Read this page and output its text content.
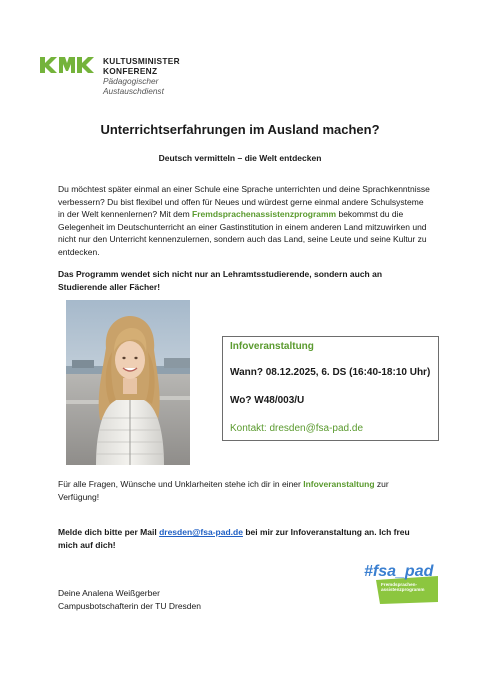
KULTUSMINISTER
KONFERENZ
Pädagogischer
Austauschdienst
Unterrichtserfahrungen im Ausland machen?
Deutsch vermitteln – die Welt entdecken
Du möchtest später einmal an einer Schule eine Sprache unterrichten und deine Sprachkenntnisse verbessern? Du bist flexibel und offen für Neues und würdest gerne einmal andere Schulsysteme in der Welt kennenlernen? Mit dem Fremdsprachenassistenzprogramm bekommst du die Gelegenheit im Deutschunterricht an einer Gastinstitution in einem anderen Land mitzuwirken und nicht nur den Unterricht kennenzulernen, sondern auch das Land, seine Leute und seine Kultur zu entdecken.
Das Programm wendet sich nicht nur an Lehramtsstudierende, sondern auch an Studierende aller Fächer!
Infoveranstaltung
Wann? 08.12.2025, 6. DS (16:40-18:10 Uhr)
Wo? W48/003/U
Kontakt: dresden@fsa-pad.de
Für alle Fragen, Wünsche und Unklarheiten stehe ich dir in einer Infoveranstaltung zur Verfügung!
Melde dich bitte per Mail dresden@fsa-pad.de bei mir zur Infoveranstaltung an. Ich freu mich auf dich!
Deine Analena Weißgerber
Campusbotschafterin der TU Dresden
#fsa_pad
Fremdsprachen-
assistenzprogramm
